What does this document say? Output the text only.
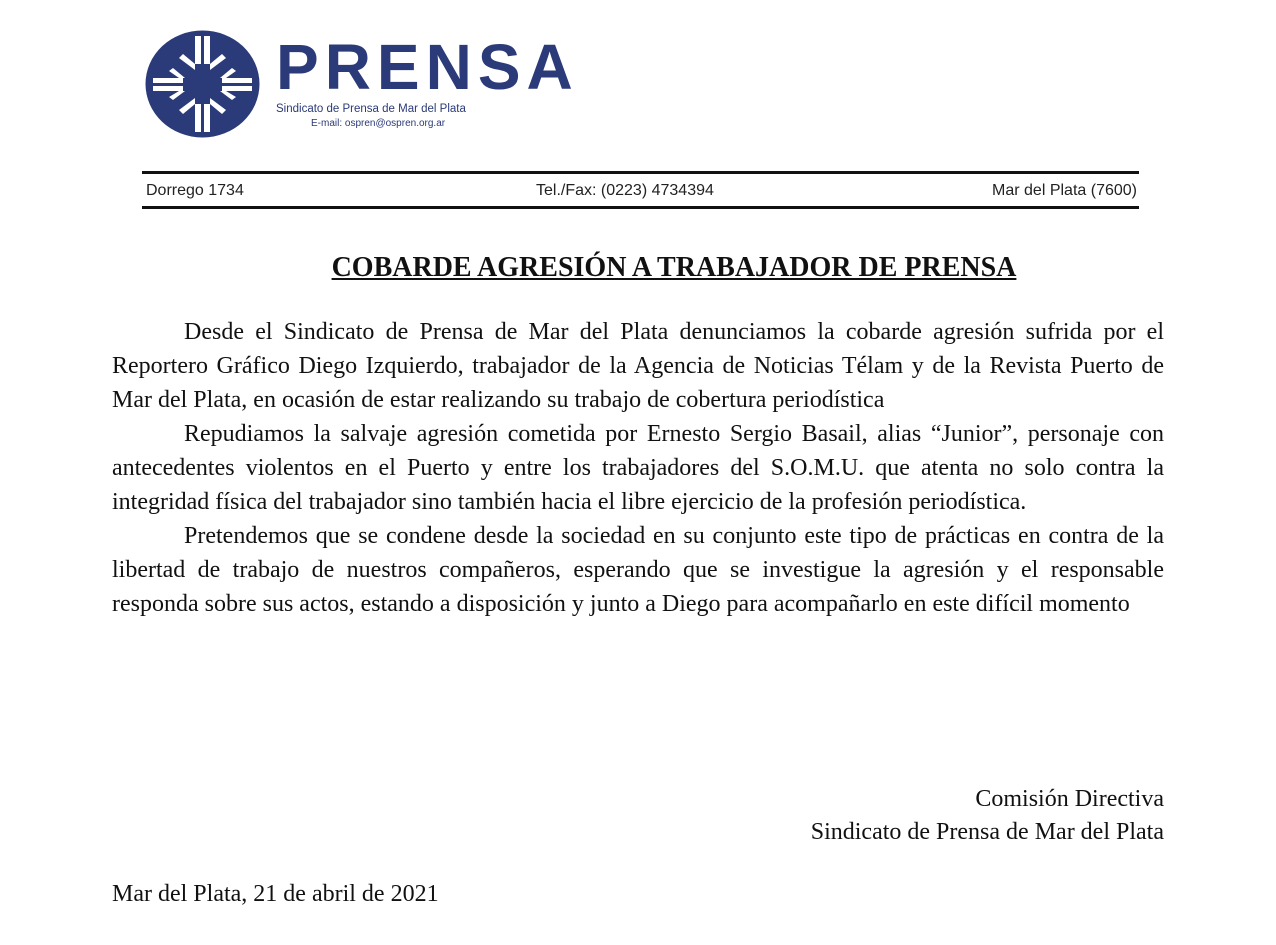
PRENSA
Sindicato de Prensa de Mar del Plata
E-mail: ospren@ospren.org.ar
Dorrego 1734	Tel./Fax: (0223) 4734394	Mar del Plata (7600)
COBARDE AGRESIÓN A TRABAJADOR DE PRENSA

Desde el Sindicato de Prensa de Mar del Plata denunciamos la cobarde agresión sufrida por el Reportero Gráfico Diego Izquierdo, trabajador de la Agencia de Noticias Télam y de la Revista Puerto de Mar del Plata, en ocasión de estar realizando su trabajo de cobertura periodística

Repudiamos la salvaje agresión cometida por Ernesto Sergio Basail, alias “Junior”, personaje con antecedentes violentos en el Puerto y entre los trabajadores del S.O.M.U. que atenta no solo contra la integridad física del trabajador sino también hacia el libre ejercicio de la profesión periodística.

Pretendemos que se condene desde la sociedad en su conjunto este tipo de prácticas en contra de la libertad de trabajo de nuestros compañeros, esperando que se investigue la agresión y el responsable responda sobre sus actos, estando a disposición y junto a Diego para acompañarlo en este difícil momento

Comisión Directiva
Sindicato de Prensa de Mar del Plata
Mar del Plata, 21 de abril de 2021
